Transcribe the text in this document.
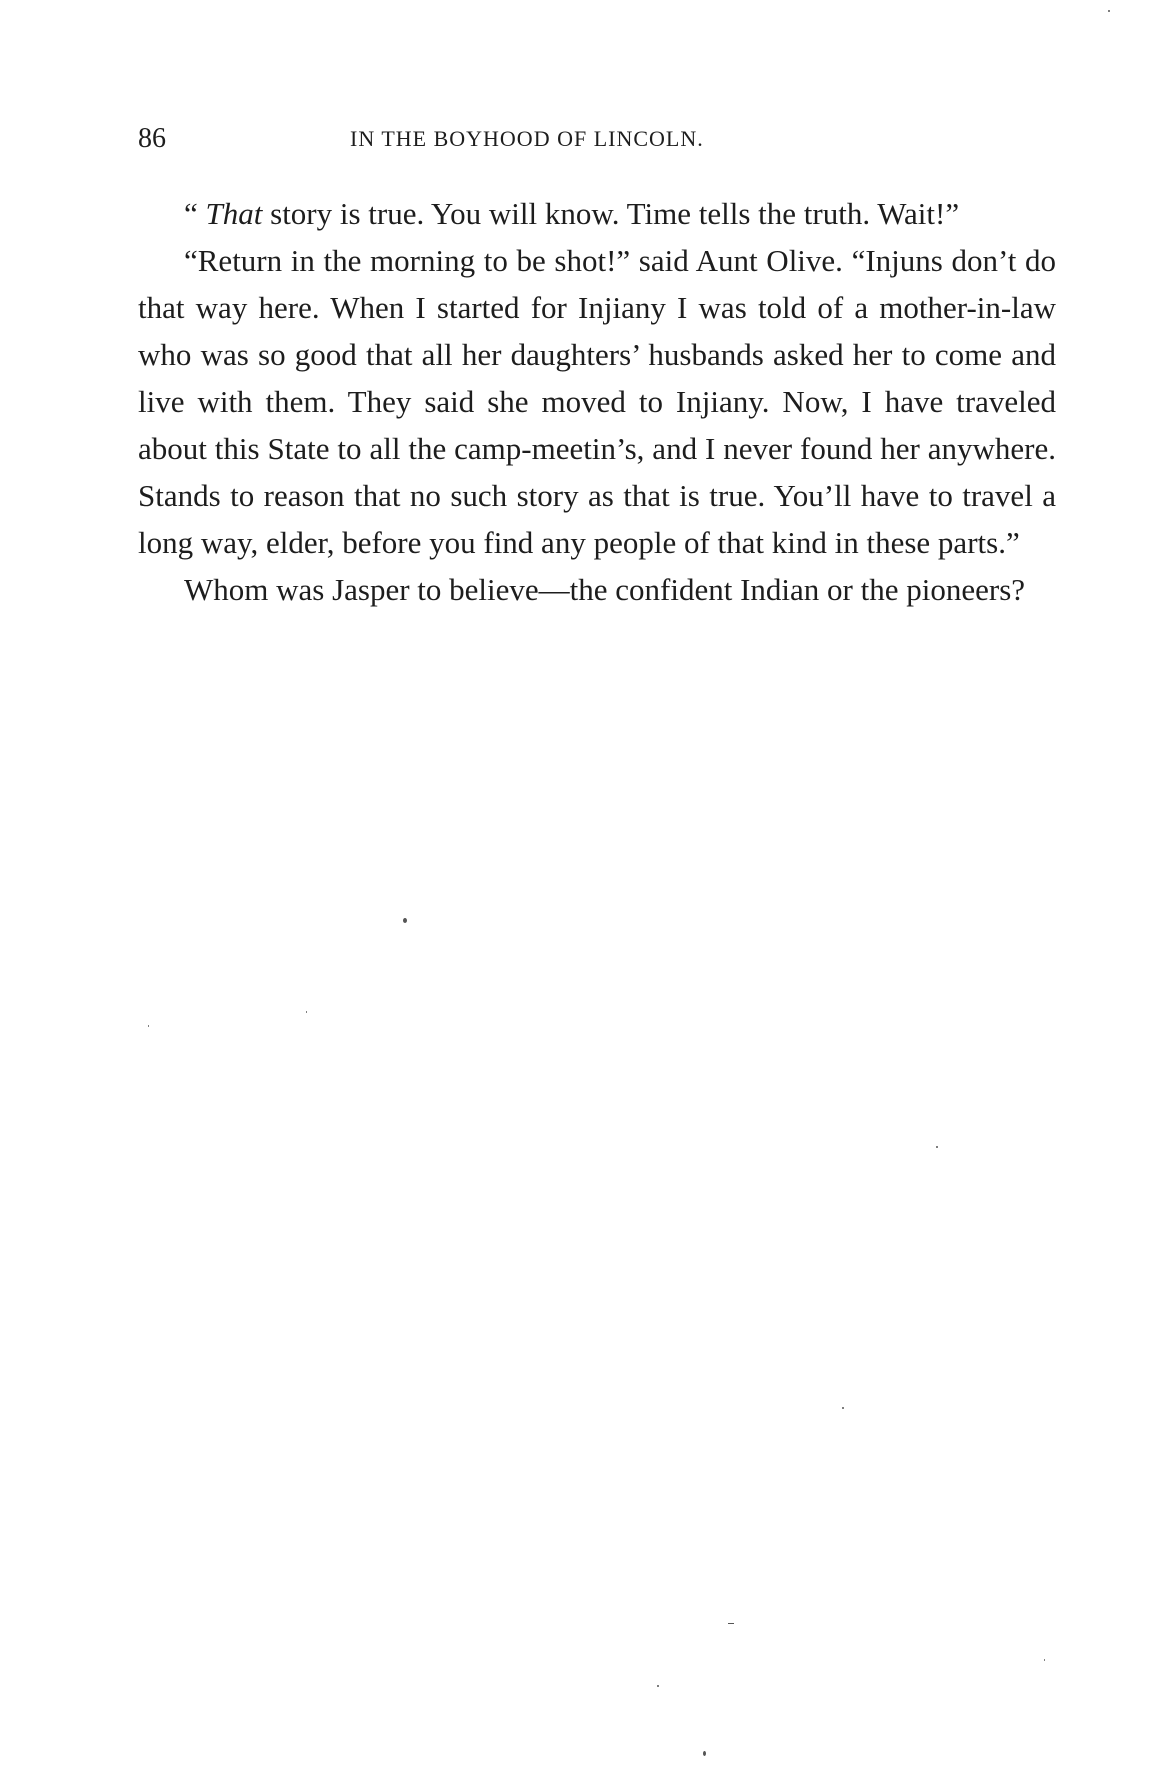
86	IN THE BOYHOOD OF LINCOLN.

“ That story is true. You will know. Time tells the truth. Wait!”

“Return in the morning to be shot!” said Aunt Olive. “Injuns don’t do that way here. When I started for Injiany I was told of a mother-in-law who was so good that all her daughters’ husbands asked her to come and live with them. They said she moved to Injiany. Now, I have traveled about this State to all the camp-meetin’s, and I never found her anywhere. Stands to reason that no such story as that is true. You’ll have to travel a long way, elder, before you find any people of that kind in these parts.”

Whom was Jasper to believe—the confident Indian or the pioneers?
